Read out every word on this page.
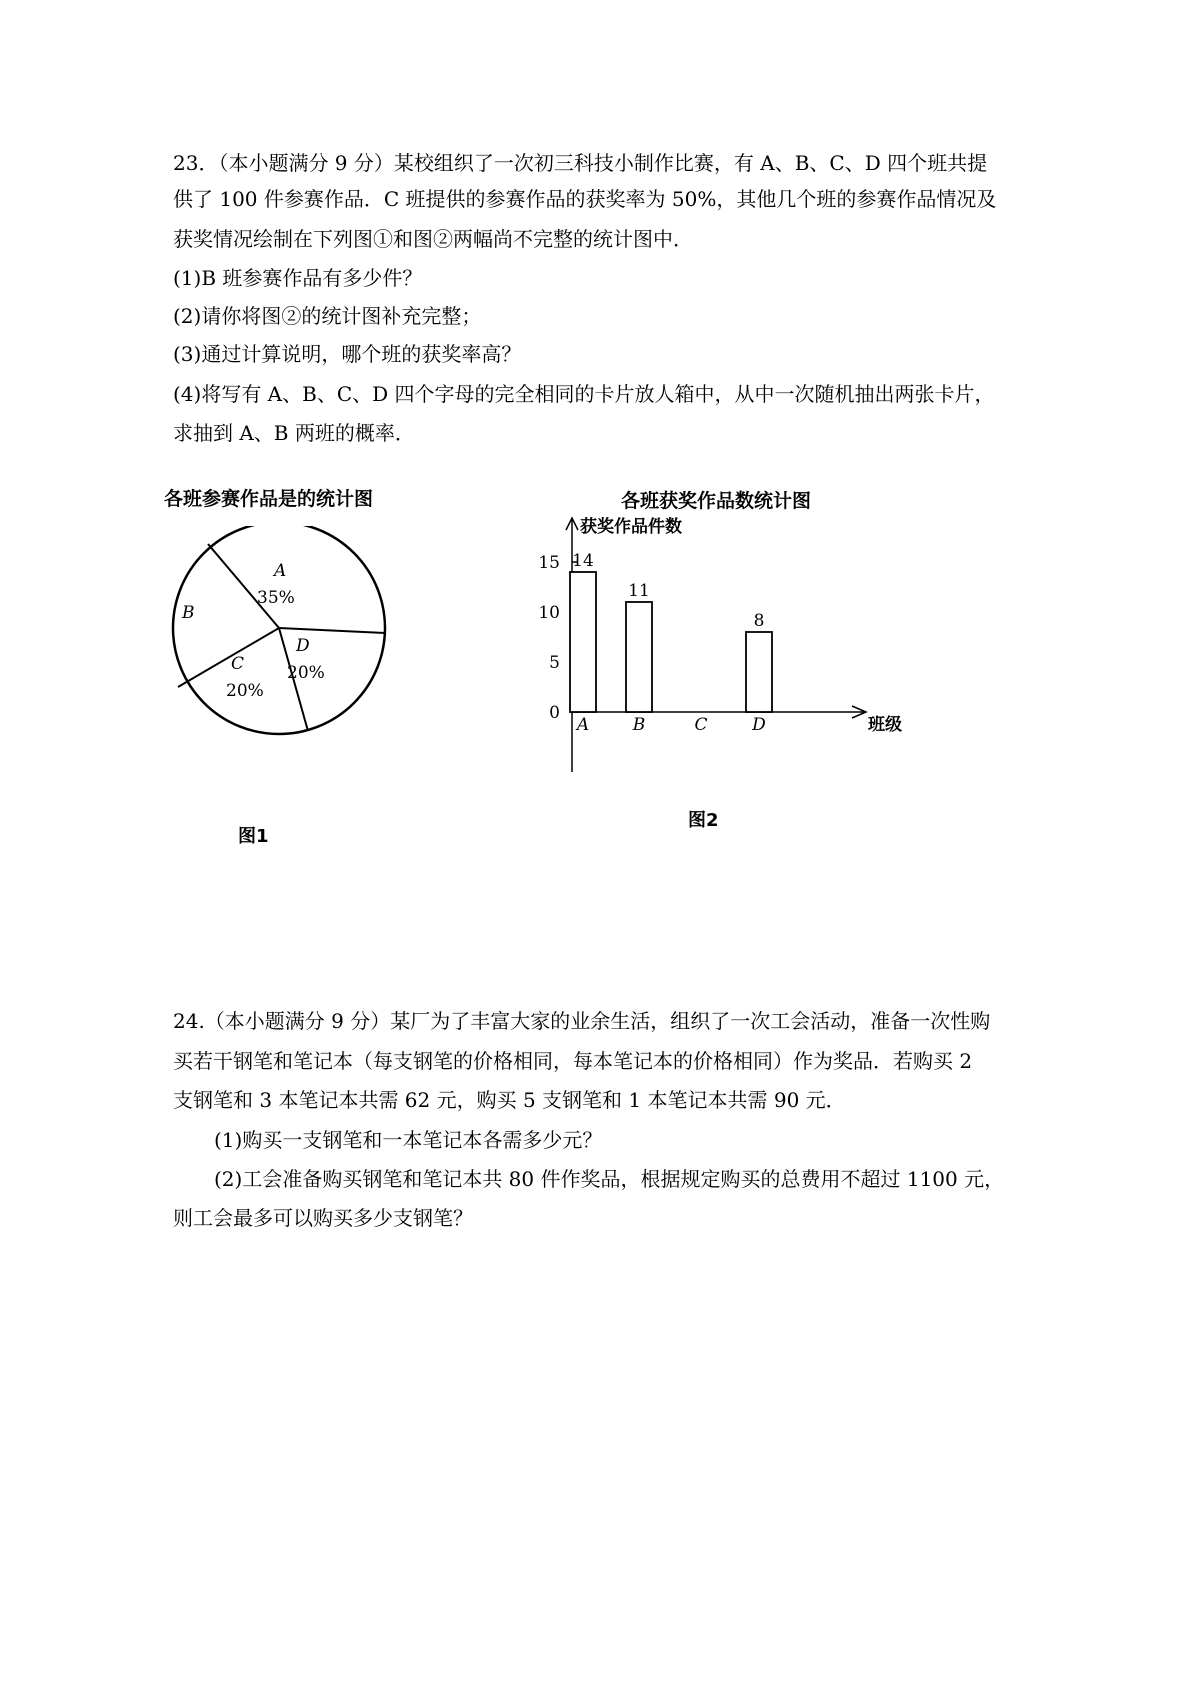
23．（本小题满分 9 分）某校组织了一次初三科技小制作比赛，有 A、B、C、D 四个班共提
供了 100 件参赛作品．C 班提供的参赛作品的获奖率为 50%，其他几个班的参赛作品情况及
获奖情况绘制在下列图①和图②两幅尚不完整的统计图中．
(1)B 班参赛作品有多少件？
(2)请你将图②的统计图补充完整；
(3)通过计算说明，哪个班的获奖率高？
(4)将写有 A、B、C、D 四个字母的完全相同的卡片放人箱中，从中一次随机抽出两张卡片，
求抽到 A、B 两班的概率．
各班参赛作品是的统计图
A
35%
B
D
20%
C
20%
图1
各班获奖作品数统计图
获奖作品件数
班级
0
5
10
15 14
11
8
A	B	C	D
图2
24.（本小题满分 9 分）某厂为了丰富大家的业余生活，组织了一次工会活动，准备一次性购
买若干钢笔和笔记本（每支钢笔的价格相同，每本笔记本的价格相同）作为奖品．若购买 2
支钢笔和 3 本笔记本共需 62 元，购买 5 支钢笔和 1 本笔记本共需 90 元．
(1)购买一支钢笔和一本笔记本各需多少元？
(2)工会准备购买钢笔和笔记本共 80 件作奖品，根据规定购买的总费用不超过 1100 元，
则工会最多可以购买多少支钢笔？
